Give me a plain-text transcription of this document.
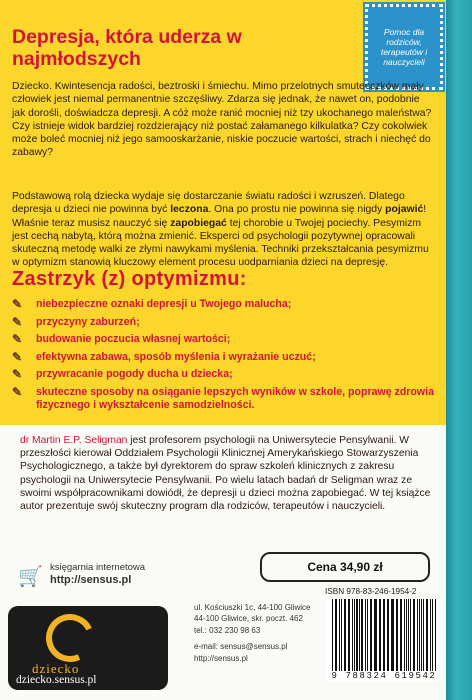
Pomoc dla rodziców, terapeutów i nauczycieli
Depresja, która uderza w najmłodszych

Dziecko. Kwintesencja radości, beztroski i śmiechu. Mimo przelotnych smutecczków mały człowiek jest niemal permanentnie szczęśliwy. Zdarza się jednak, że nawet on, podobnie jak dorośli, doświadcza depresji. A cóż może ranić mocniej niż tzy ukochanego maleństwa? Czy istnieje widok bardziej rozdzierający niż postać załamanego kilkulatka? Czy cokolwiek może boleć mocniej niż jego samooskarżanie, niskie poczucie wartości, strach i niechęć do zabawy?

Podstawową rolą dziecka wydaje się dostarczanie światu radości i wzruszeń. Dlatego depresja u dzieci nie powinna być leczona. Ona po prostu nie powinna się nigdy pojawić! Właśnie teraz musisz nauczyć się zapobiegać tej chorobie u Twojej pociechy. Pesymizm jest cechą nabytą, którą można zmienić. Eksperci od psychologii pozytywnej opracowali skuteczną metodę walki ze złymi nawykami myślenia. Techniki przekształcania pesymizmu w optymizm stanowią kluczowy element procesu uodparniania dzieci na depresję.

Zastrzyk (z) optymizmu:
✎	niebezpieczne oznaki depresji u Twojego malucha;
✎	przyczyny zaburzeń;
✎	budowanie poczucia własnej wartości;
✎	efektywna zabawa, sposób myślenia i wyrażanie uczuć;
✎	przywracanie pogody ducha u dziecka;
✎	skuteczne sposoby na osiąganie lepszych wyników w szkole, poprawę zdrowia fizycznego i wykształcenie samodzielności.

dr Martin E.P. Seligman jest profesorem psychologii na Uniwersytecie Pensylwanii. W przeszłości kierował Oddziałem Psychologii Klinicznej Amerykańskiego Stowarzyszenia Psychologicznego, a także był dyrektorem do spraw szkoleń klinicznych z zakresu psychologii na Uniwersytecie Pensylwanii. Po wielu latach badań dr Seligman wraz ze swoimi współpracownikami dowiódł, że depresji u dzieci można zapobiegać. W tej książce autor prezentuje swój skuteczny program dla rodziców, terapeutów i nauczycieli.

🛒 księgarnia internetowa
http://sensus.pl
dziecko
dziecko.sensus.pl
ul. Kościuszki 1c, 44-100 Gliwice
44-100 Gliwice, skr. poczt. 462
tel.: 032 230 98 63
e-mail: sensus@sensus.pl
http://sensus.pl
Cena 34,90 zł
ISBN 978-83-246-1954-2
9 788324 619542
